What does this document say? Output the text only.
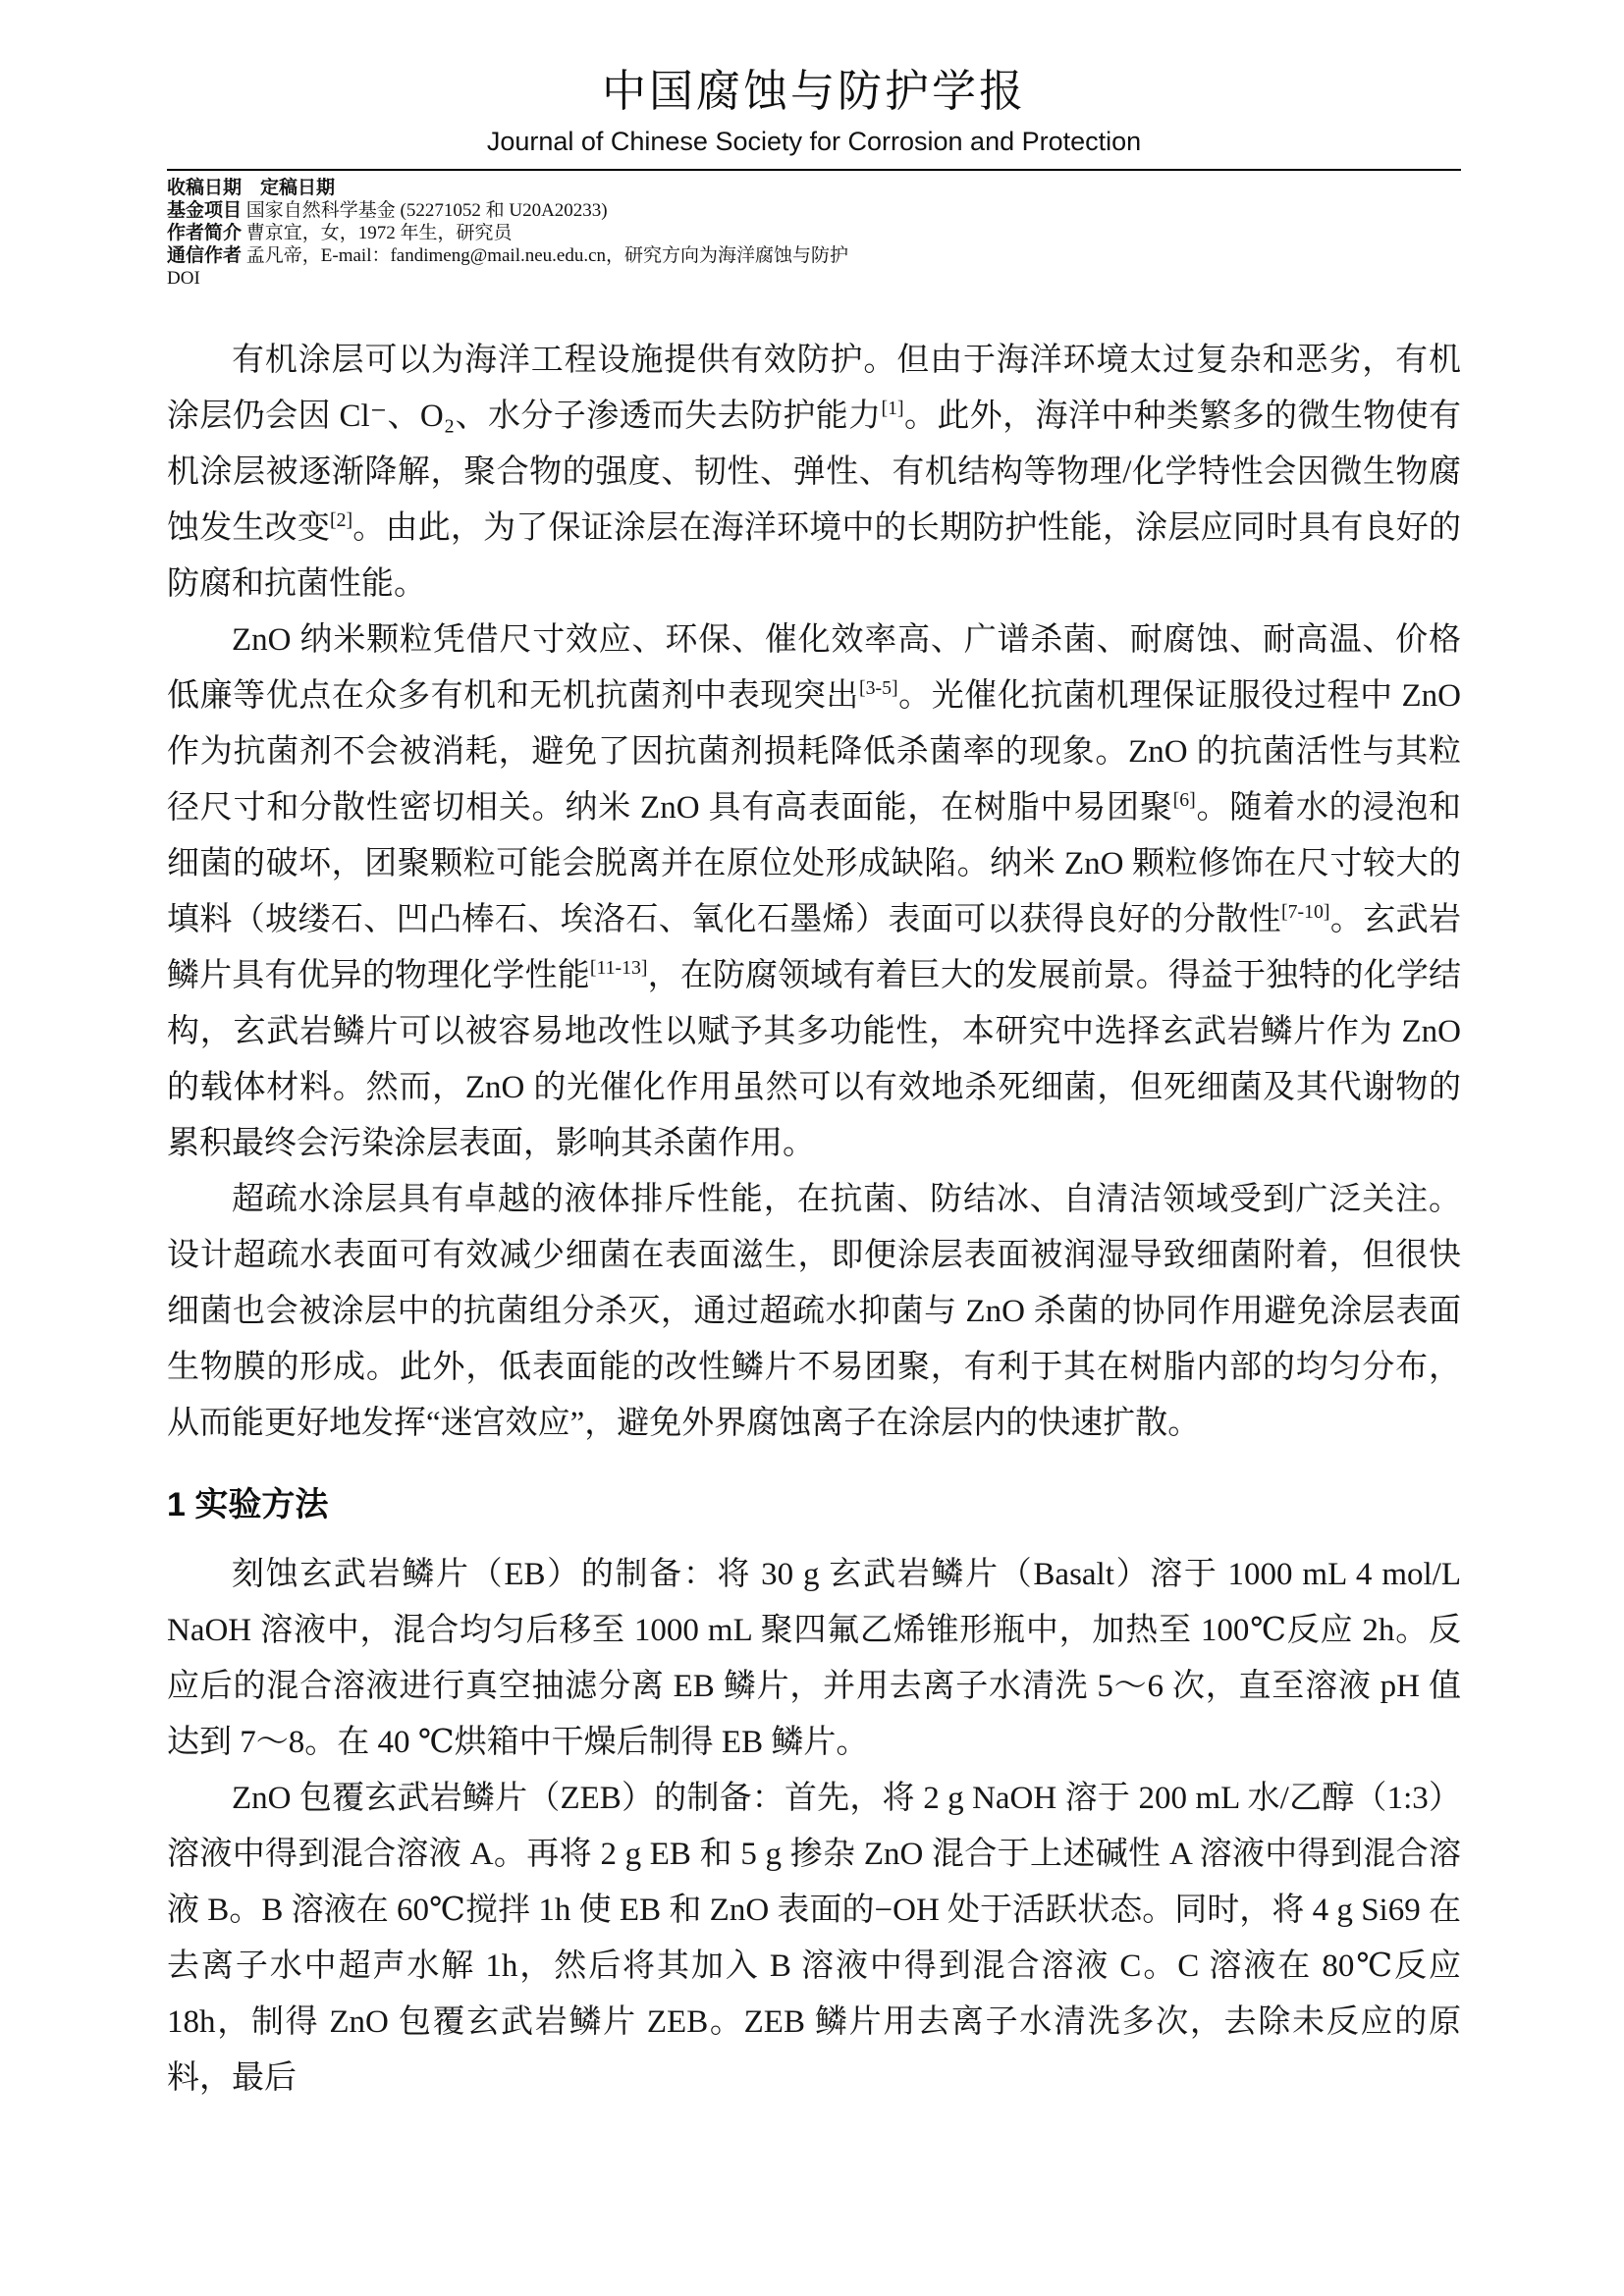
中国腐蚀与防护学报
Journal of Chinese Society for Corrosion and Protection
收稿日期　 定稿日期
基金项目 国家自然科学基金 (52271052 和 U20A20233)
作者简介 曹京宜，女，1972 年生，研究员
通信作者 孟凡帝，E-mail：fandimeng@mail.neu.edu.cn，研究方向为海洋腐蚀与防护
DOI

有机涂层可以为海洋工程设施提供有效防护。但由于海洋环境太过复杂和恶劣，有机涂层仍会因 Cl⁻、O₂、水分子渗透而失去防护能力[1]。此外，海洋中种类繁多的微生物使有机涂层被逐渐降解，聚合物的强度、韧性、弹性、有机结构等物理/化学特性会因微生物腐蚀发生改变[2]。由此，为了保证涂层在海洋环境中的长期防护性能，涂层应同时具有良好的防腐和抗菌性能。

ZnO 纳米颗粒凭借尺寸效应、环保、催化效率高、广谱杀菌、耐腐蚀、耐高温、价格低廉等优点在众多有机和无机抗菌剂中表现突出[3-5]。光催化抗菌机理保证服役过程中 ZnO 作为抗菌剂不会被消耗，避免了因抗菌剂损耗降低杀菌率的现象。ZnO 的抗菌活性与其粒径尺寸和分散性密切相关。纳米 ZnO 具有高表面能，在树脂中易团聚[6]。随着水的浸泡和细菌的破坏，团聚颗粒可能会脱离并在原位处形成缺陷。纳米 ZnO 颗粒修饰在尺寸较大的填料（坡缕石、凹凸棒石、埃洛石、氧化石墨烯）表面可以获得良好的分散性[7-10]。玄武岩鳞片具有优异的物理化学性能[11-13]，在防腐领域有着巨大的发展前景。得益于独特的化学结构，玄武岩鳞片可以被容易地改性以赋予其多功能性，本研究中选择玄武岩鳞片作为 ZnO 的载体材料。然而，ZnO 的光催化作用虽然可以有效地杀死细菌，但死细菌及其代谢物的累积最终会污染涂层表面，影响其杀菌作用。

超疏水涂层具有卓越的液体排斥性能，在抗菌、防结冰、自清洁领域受到广泛关注。设计超疏水表面可有效减少细菌在表面滋生，即便涂层表面被润湿导致细菌附着，但很快细菌也会被涂层中的抗菌组分杀灭，通过超疏水抑菌与 ZnO 杀菌的协同作用避免涂层表面生物膜的形成。此外，低表面能的改性鳞片不易团聚，有利于其在树脂内部的均匀分布，从而能更好地发挥“迷宫效应”，避免外界腐蚀离子在涂层内的快速扩散。

1 实验方法

刻蚀玄武岩鳞片（EB）的制备：将 30 g 玄武岩鳞片（Basalt）溶于 1000 mL 4 mol/L NaOH 溶液中，混合均匀后移至 1000 mL 聚四氟乙烯锥形瓶中，加热至 100℃反应 2h。反应后的混合溶液进行真空抽滤分离 EB 鳞片，并用去离子水清洗 5～6 次，直至溶液 pH 值达到 7～8。在 40 ℃烘箱中干燥后制得 EB 鳞片。

ZnO 包覆玄武岩鳞片（ZEB）的制备：首先，将 2 g NaOH 溶于 200 mL 水/乙醇（1:3）溶液中得到混合溶液 A。再将 2 g EB 和 5 g 掺杂 ZnO 混合于上述碱性 A 溶液中得到混合溶液 B。B 溶液在 60℃搅拌 1h 使 EB 和 ZnO 表面的−OH 处于活跃状态。同时，将 4 g Si69 在去离子水中超声水解 1h，然后将其加入 B 溶液中得到混合溶液 C。C 溶液在 80℃反应 18h，制得 ZnO 包覆玄武岩鳞片 ZEB。ZEB 鳞片用去离子水清洗多次，去除未反应的原料，最后
